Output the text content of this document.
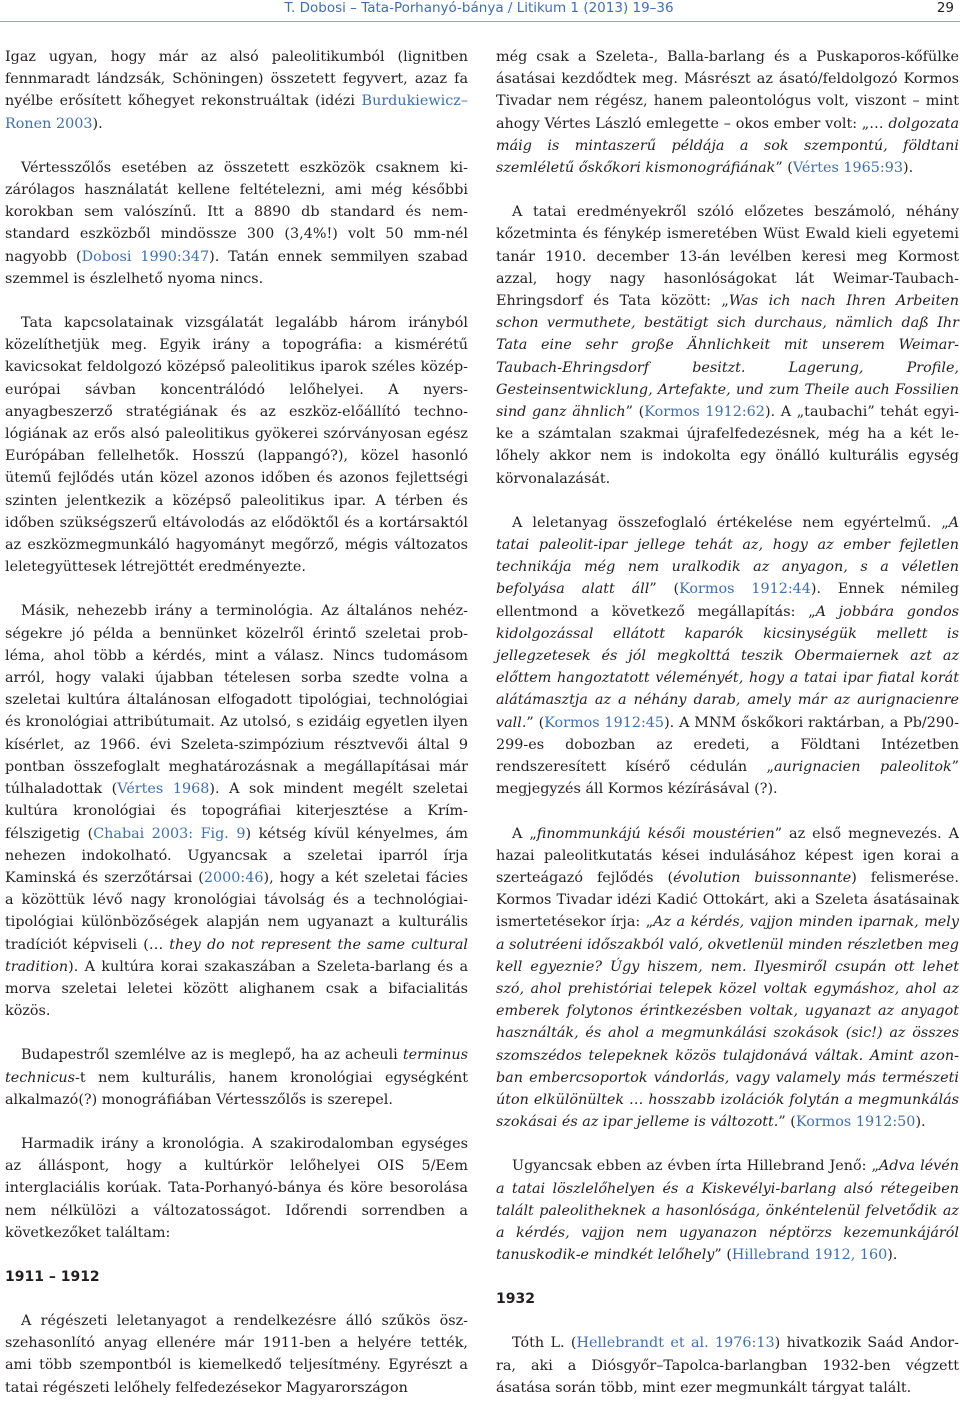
T. Dobosi – Tata-Porhanyó-bánya / Litikum 1 (2013) 19–36	29

Igaz ugyan, hogy már az alsó paleolitikumból (lignitben fennmaradt lándzsák, Schöningen) összetett fegyvert, azaz fa nyélbe erősített kőhegyet rekonstruáltak (idézi Burdukiewicz–Ronen 2003).

Vértesszőlős esetében az összetett eszközök csaknem kizárólagos használatát kellene feltételezni, ami még későbbi korokban sem valószínű. Itt a 8890 db standard és nemstandard eszközből mindössze 300 (3,4%!) volt 50 mm-nél nagyobb (Dobosi 1990:347). Tatán ennek semmilyen szabad szemmel is észlelhető nyoma nincs.

Tata kapcsolatainak vizsgálatát legalább három irányból közelíthetjük meg. Egyik irány a topográfia: a kismérétű kavicsokat feldolgozó középső paleolitikus iparok széles közép-európai sávban koncentrálódó lelőhelyei. A nyersanyagbeszerző stratégiának és az eszköz-előállító technológiának az erős alsó paleolitikus gyökerei szórványosan egész Európában fellelhetők. Hosszú (lappangó?), közel hasonló ütemű fejlődés után közel azonos időben és azonos fejlettségi szinten jelentkezik a középső paleolitikus ipar. A térben és időben szükségszerű eltávolodás az elődöktől és a kortársaktól az eszközmegmunkáló hagyományt megőrző, mégis változatos leletegyüttesek létrejöttét eredményezte.

Másik, nehezebb irány a terminológia. Az általános nehézségekre jó példa a bennünket közelről érintő szeletai probléma, ahol több a kérdés, mint a válasz. Nincs tudomásom arról, hogy valaki újabban tételesen sorba szedte volna a szeletai kultúra általánosan elfogadott tipológiai, technológiai és kronológiai attribútumait. Az utolsó, s ezidáig egyetlen ilyen kísérlet, az 1966. évi Szeleta-szimpózium résztvevői által 9 pontban összefoglalt meghatározásnak a megállapításai már túlhaladottak (Vértes 1968). A sok mindent megélt szeletai kultúra kronológiai és topográfiai kiterjesztése a Krím-félszigetig (Chabai 2003: Fig. 9) kétség kívül kényelmes, ám nehezen indokolható. Ugyancsak a szeletai iparról írja Kaminská és szerzőtársai (2000:46), hogy a két szeletai fácies a közöttük lévő nagy kronológiai távolság és a technológiai-tipológiai különbözőségek alapján nem ugyanazt a kulturális tradíciót képviseli (… they do not represent the same cultural tradition). A kultúra korai szakaszában a Szeleta-barlang és a morva szeletai leletei között alighanem csak a bifacialitás közös.

Budapestről szemlélve az is meglepő, ha az acheuli terminus technicus-t nem kulturális, hanem kronológiai egységként alkalmazó(?) monográfiában Vértesszőlős is szerepel.

Harmadik irány a kronológia. A szakirodalomban egységes az álláspont, hogy a kultúrkör lelőhelyei OIS 5/Eem interglaciális korúak. Tata-Porhanyó-bánya és köre besorolása nem nélkülözi a változatosságot. Időrendi sorrendben a következőket találtam:

1911 – 1912

A régészeti leletanyagot a rendelkezésre álló szűkös öszszehasonlító anyag ellenére már 1911-ben a helyére tették, ami több szempontból is kiemelkedő teljesítmény. Egyrészt a tatai régészeti lelőhely felfedezésekor Magyarországon

még csak a Szeleta-, Balla-barlang és a Puskaporos-kőfülke ásatásai kezdődtek meg. Másrészt az ásató/feldolgozó Kormos Tivadar nem régész, hanem paleontológus volt, viszont – mint ahogy Vértes László emlegette – okos ember volt: „… dolgozata máig is mintaszerű példája a sok szempontú, földtani szemléletű őskőkori kismonográfiának” (Vértes 1965:93).

A tatai eredményekről szóló előzetes beszámoló, néhány kőzetminta és fénykép ismeretében Wüst Ewald kieli egyetemi tanár 1910. december 13-án levélben keresi meg Kormost azzal, hogy nagy hasonlóságokat lát Weimar-Taubach-Ehringsdorf és Tata között: „Was ich nach Ihren Arbeiten schon vermuthete, bestätigt sich durchaus, nämlich daß Ihr Tata eine sehr große Ähnlichkeit mit unserem Weimar-Taubach-Ehringsdorf besitzt. Lagerung, Profile, Gesteinsentwicklung, Artefakte, und zum Theile auch Fossilien sind ganz ähnlich” (Kormos 1912:62). A „taubachi” tehát egyike a számtalan szakmai újrafelfedezésnek, még ha a két lelőhely akkor nem is indokolta egy önálló kulturális egység körvonalazását.

A leletanyag összefoglaló értékelése nem egyértelmű. „A tatai paleolit-ipar jellege tehát az, hogy az ember fejletlen technikája még nem uralkodik az anyagon, s a véletlen befolyása alatt áll” (Kormos 1912:44). Ennek némileg ellentmond a következő megállapítás: „A jobbára gondos kidolgozással ellátott kaparók kicsinységük mellett is jellegzetesek és jól megkolttá teszik Obermaiernek azt az előttem hangoztatott véleményét, hogy a tatai ipar fiatal korát alátámasztja az a néhány darab, amely már az aurignacienre vall.” (Kormos 1912:45). A MNM őskőkori raktárban, a Pb/290-299-es dobozban az eredeti, a Földtani Intézetben rendszeresített kísérő cédulán „aurignacien paleolitok” megjegyzés áll Kormos kézírásával (?).

A „finommunkájú késői moustérien” az első megnevezés. A hazai paleolitkutatás kései indulásához képest igen korai a szerteágazó fejlődés (évolution buissonnante) felismerése. Kormos Tivadar idézi Kadić Ottokárt, aki a Szeleta ásatásainak ismertetésekor írja: „Az a kérdés, vajjon minden iparnak, mely a solutréeni időszakból való, okvetlenül minden részletben meg kell egyeznie? Úgy hiszem, nem. Ilyesmiről csupán ott lehet szó, ahol prehistóriai telepek közel voltak egymáshoz, ahol az emberek folytonos érintkezésben voltak, ugyanazt az anyagot használták, és ahol a megmunkálási szokások (sic!) az összes szomszédos telepeknek közös tulajdonává váltak. Amint azonban embercsoportok vándorlás, vagy valamely más természeti úton elkülönültek … hosszabb izolációk folytán a megmunkálás szokásai és az ipar jelleme is változott.” (Kormos 1912:50).

Ugyancsak ebben az évben írta Hillebrand Jenő: „Adva lévén a tatai löszlelőhelyen és a Kiskevélyi-barlang alsó rétegeiben talált paleolitheknek a hasonlósága, önkéntelenül felvetődik az a kérdés, vajjon nem ugyanazon néptörzs kezemunkájáról tanuskodik-e mindkét lelőhely” (Hillebrand 1912, 160).

1932

Tóth L. (Hellebrandt et al. 1976:13) hivatkozik Saád Andorra, aki a Diósgyőr–Tapolca-barlangban 1932-ben végzett ásatása során több, mint ezer megmunkált tárgyat talált.
